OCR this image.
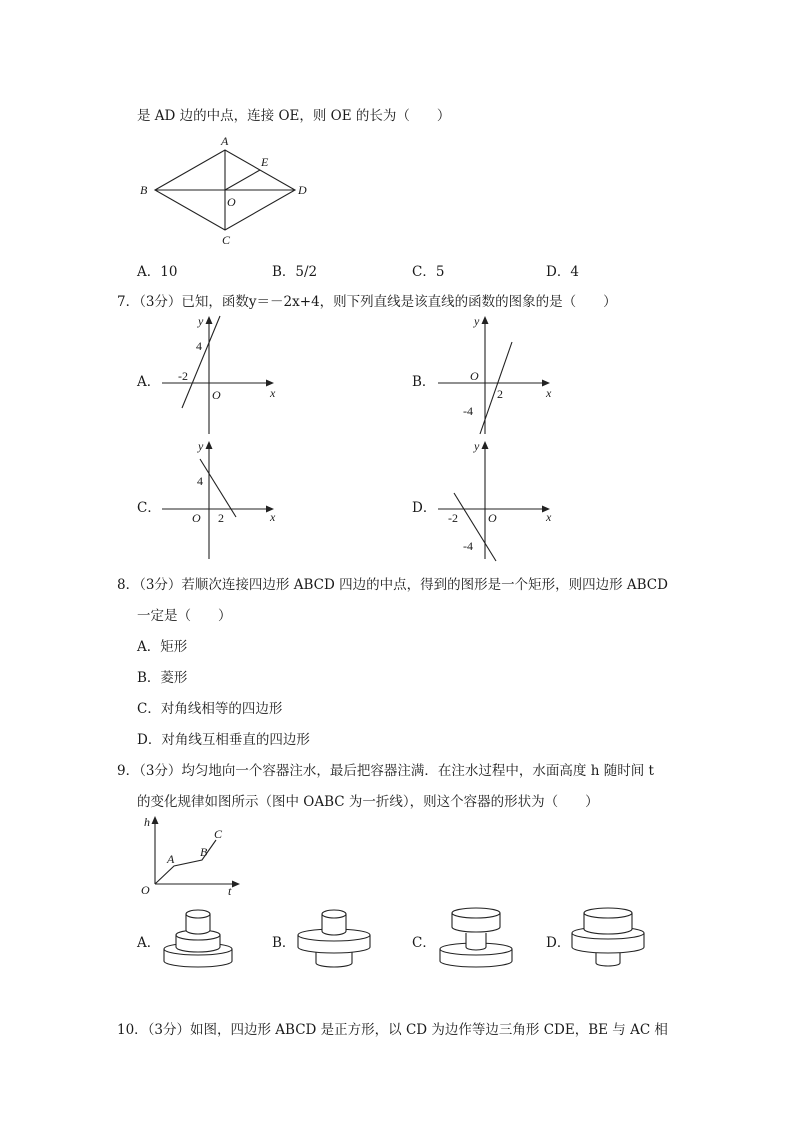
是 AD 边的中点，连接 OE，则 OE 的长为（　　）
A
B
C
D
E
O
A．10	B．5/2	C．5	D．4
7．（3分）已知，函数y＝－2x+4，则下列直线是该直线的函数的图象的是（　　）
A．
y
x
O
4
-2	B．
y
x
O
2
-4
C．
y
x
O
4
2
D．
y
x
O
-2
-4
8．（3分）若顺次连接四边形 ABCD 四边的中点，得到的图形是一个矩形，则四边形 ABCD
一定是（　　）
A．矩形
B．菱形
C．对角线相等的四边形
D．对角线互相垂直的四边形
9．（3分）均匀地向一个容器注水，最后把容器注满．在注水过程中，水面高度 h 随时间 t
的变化规律如图所示（图中 OABC 为一折线），则这个容器的形状为（　　）
h
t
O
A B
C
A．	B．	C．	D．
10．（3分）如图，四边形 ABCD 是正方形，以 CD 为边作等边三角形 CDE，BE 与 AC 相
